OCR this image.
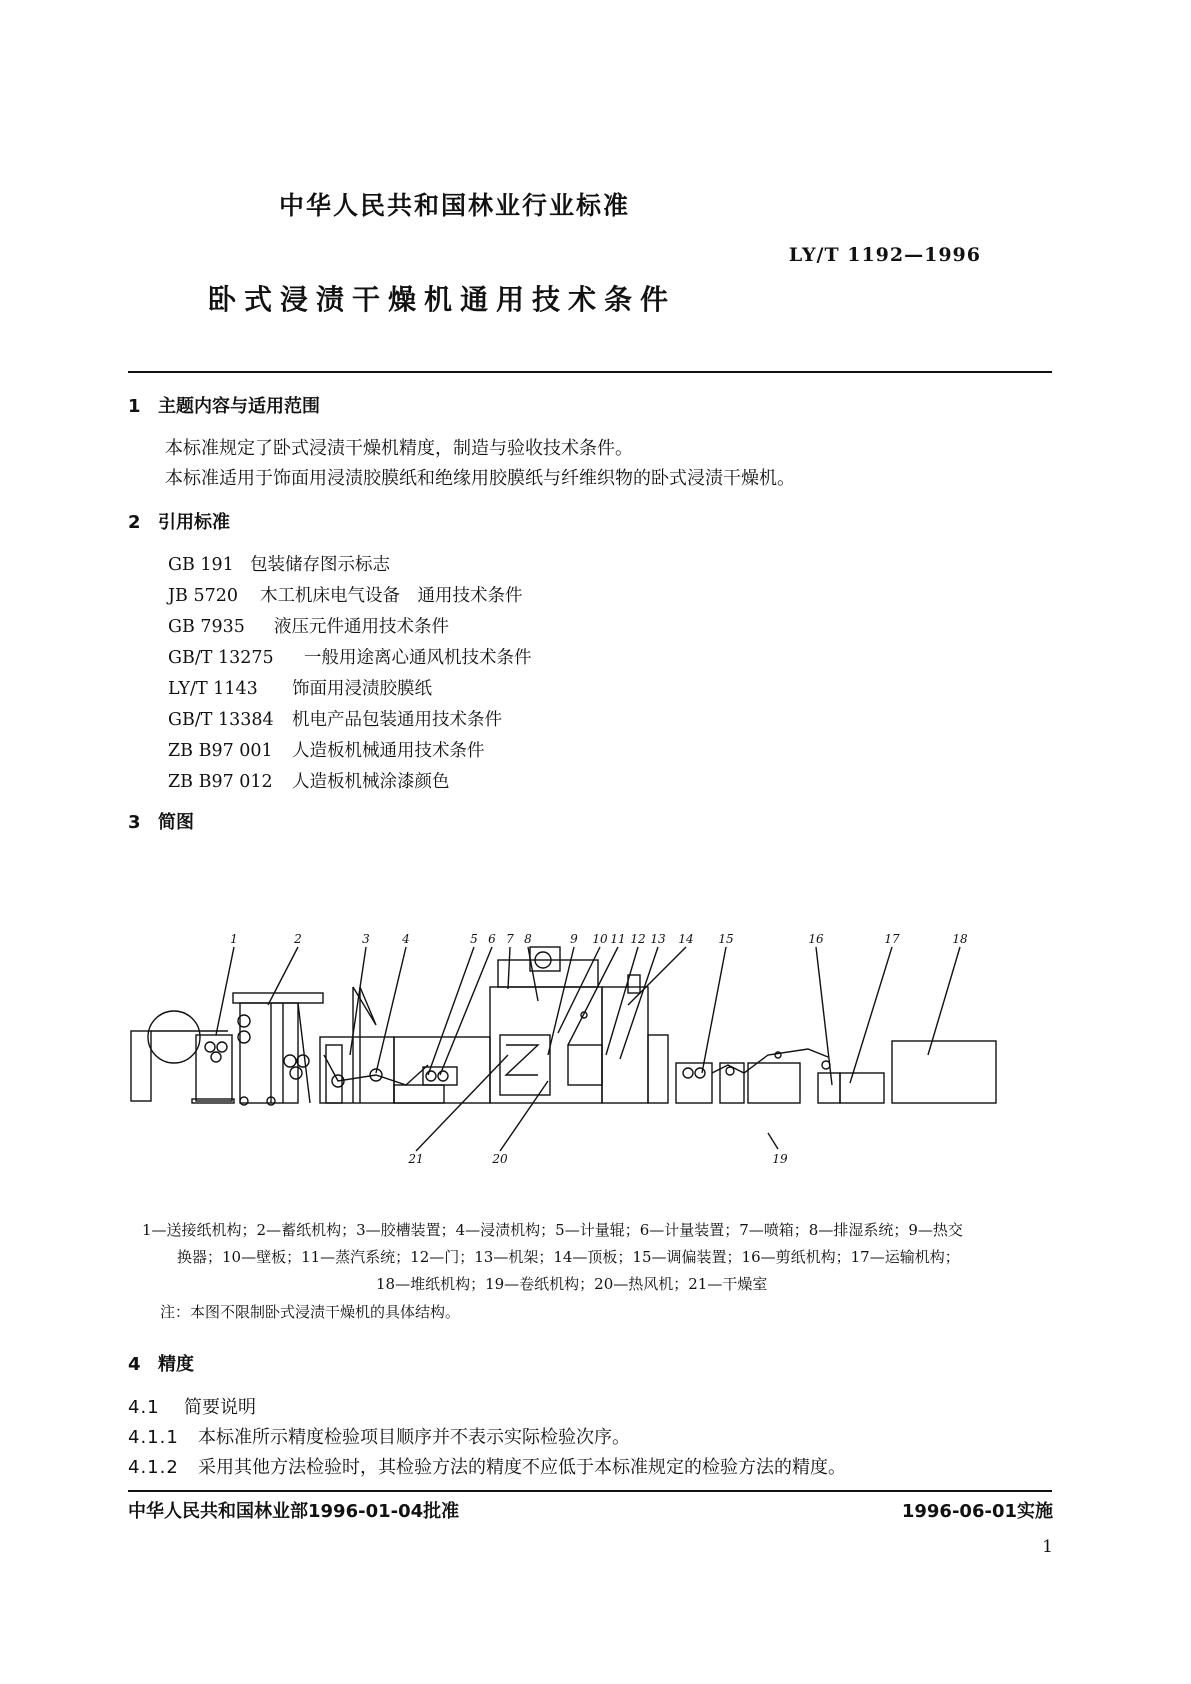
中华人民共和国林业行业标准
LY/T 1192—1996
卧式浸渍干燥机通用技术条件
1 主题内容与适用范围
本标准规定了卧式浸渍干燥机精度，制造与验收技术条件。
本标准适用于饰面用浸渍胶膜纸和绝缘用胶膜纸与纤维织物的卧式浸渍干燥机。
2 引用标准
GB 191 包装储存图示标志
JB 5720 木工机床电气设备　通用技术条件
GB 7935 液压元件通用技术条件
GB/T 13275 一般用途离心通风机技术条件
LY/T 1143 饰面用浸渍胶膜纸
GB/T 13384 机电产品包装通用技术条件
ZB B97 001 人造板机械通用技术条件
ZB B97 012 人造板机械涂漆颜色
3 简图
1	2	3	4	5 6 7 8	9 10 11 12 13 14 15	16	17	18
19
20
21
1—送接纸机构；2—蓄纸机构；3—胶槽装置；4—浸渍机构；5—计量辊；6—计量装置；7—喷箱；8—排湿系统；9—热交
换器；10—壁板；11—蒸汽系统；12—门；13—机架；14—顶板；15—调偏装置；16—剪纸机构；17—运输机构；
18—堆纸机构；19—卷纸机构；20—热风机；21—干燥室
注：本图不限制卧式浸渍干燥机的具体结构。
4 精度
4.1 简要说明
4.1.1 本标准所示精度检验项目顺序并不表示实际检验次序。
4.1.2 采用其他方法检验时，其检验方法的精度不应低于本标准规定的检验方法的精度。
中华人民共和国林业部1996-01-04批准	1996-06-01实施
1
